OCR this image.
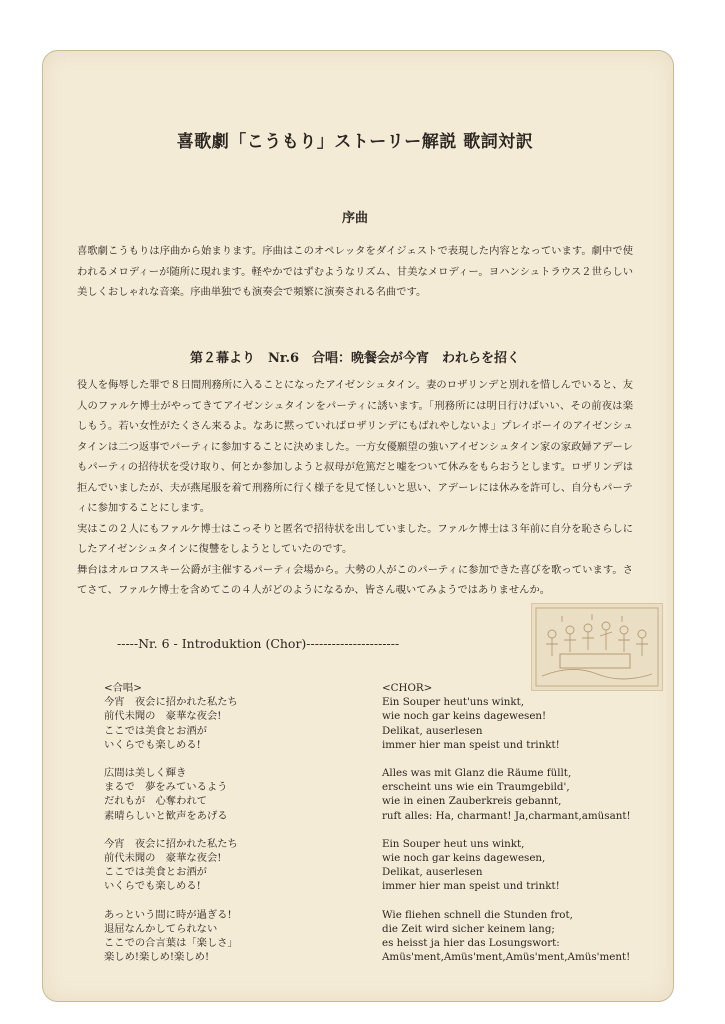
喜歌劇「こうもり」ストーリー解説 歌詞対訳
序曲

喜歌劇こうもりは序曲から始まります。序曲はこのオペレッタをダイジェストで表現した内容となっています。劇中で使われるメロディーが随所に現れます。軽やかではずむようなリズム、甘美なメロディー。ヨハンシュトラウス２世らしい美しくおしゃれな音楽。序曲単独でも演奏会で頻繁に演奏される名曲です。

第２幕より　Nr.6　合唱：晩餐会が今宵　われらを招く

役人を侮辱した罪で８日間刑務所に入ることになったアイゼンシュタイン。妻のロザリンデと別れを惜しんでいると、友人のファルケ博士がやってきてアイゼンシュタインをパーティに誘います。「刑務所には明日行けばいい、その前夜は楽しもう。若い女性がたくさん来るよ。なあに黙っていればロザリンデにもばれやしないよ」プレイボーイのアイゼンシュタインは二つ返事でパーティに参加することに決めました。一方女優願望の強いアイゼンシュタイン家の家政婦アデーレもパーティの招待状を受け取り、何とか参加しようと叔母が危篤だと嘘をついて休みをもらおうとします。ロザリンデは拒んでいましたが、夫が燕尾服を着て刑務所に行く様子を見て怪しいと思い、アデーレには休みを許可し、自分もパーティに参加することにします。

実はこの２人にもファルケ博士はこっそりと匿名で招待状を出していました。ファルケ博士は３年前に自分を恥さらしにしたアイゼンシュタインに復讐をしようとしていたのです。

舞台はオルロフスキー公爵が主催するパーティ会場から。大勢の人がこのパーティに参加できた喜びを歌っています。さてさて、ファルケ博士を含めてこの４人がどのようになるか、皆さん覗いてみようではありませんか。

-----Nr. 6 - Introduktion (Chor)----------------------
<合唱>
今宵　夜会に招かれた私たち
前代未聞の　豪華な夜会!
ここでは美食とお酒が
いくらでも楽しめる!
広間は美しく輝き
まるで　夢をみているよう
だれもが　心奪われて
素晴らしいと歓声をあげる
今宵　夜会に招かれた私たち
前代未聞の　豪華な夜会!
ここでは美食とお酒が
いくらでも楽しめる!
あっという間に時が過ぎる!
退屈なんかしてられない
ここでの合言葉は「楽しさ」
楽しめ!楽しめ!楽しめ!
<CHOR>
Ein Souper heut'uns winkt,
wie noch gar keins dagewesen!
Delikat, auserlesen
immer hier man speist und trinkt!
Alles was mit Glanz die Räume füllt,
erscheint uns wie ein Traumgebild',
wie in einen Zauberkreis gebannt,
ruft alles: Ha, charmant! Ja,charmant,amüsant!
Ein Souper heut uns winkt,
wie noch gar keins dagewesen,
Delikat, auserlesen
immer hier man speist und trinkt!
Wie fliehen schnell die Stunden frot,
die Zeit wird sicher keinem lang;
es heisst ja hier das Losungswort:
Amüs'ment,Amüs'ment,Amüs'ment,Amüs'ment!
